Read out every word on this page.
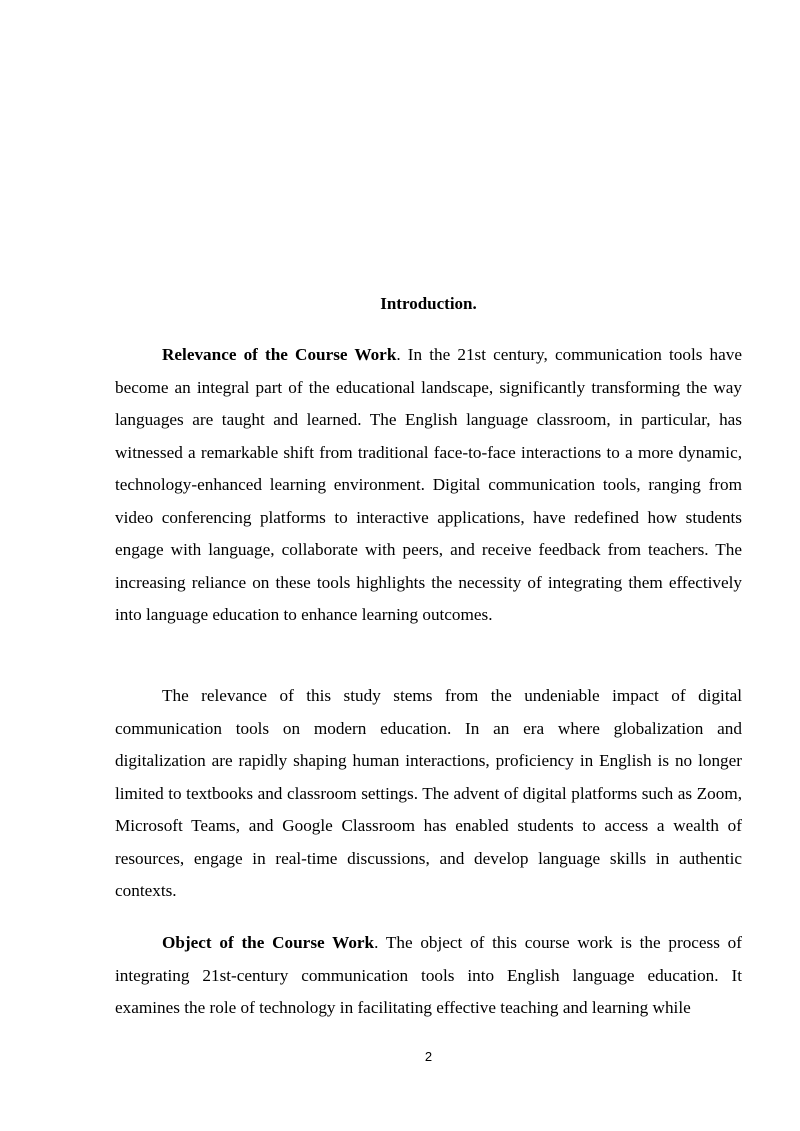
Introduction.

Relevance of the Course Work. In the 21st century, communication tools have become an integral part of the educational landscape, significantly transforming the way languages are taught and learned. The English language classroom, in particular, has witnessed a remarkable shift from traditional face-to-face interactions to a more dynamic, technology-enhanced learning environment. Digital communication tools, ranging from video conferencing platforms to interactive applications, have redefined how students engage with language, collaborate with peers, and receive feedback from teachers. The increasing reliance on these tools highlights the necessity of integrating them effectively into language education to enhance learning outcomes.

The relevance of this study stems from the undeniable impact of digital communication tools on modern education. In an era where globalization and digitalization are rapidly shaping human interactions, proficiency in English is no longer limited to textbooks and classroom settings. The advent of digital platforms such as Zoom, Microsoft Teams, and Google Classroom has enabled students to access a wealth of resources, engage in real-time discussions, and develop language skills in authentic contexts.

Object of the Course Work. The object of this course work is the process of integrating 21st-century communication tools into English language education. It examines the role of technology in facilitating effective teaching and learning while

2
